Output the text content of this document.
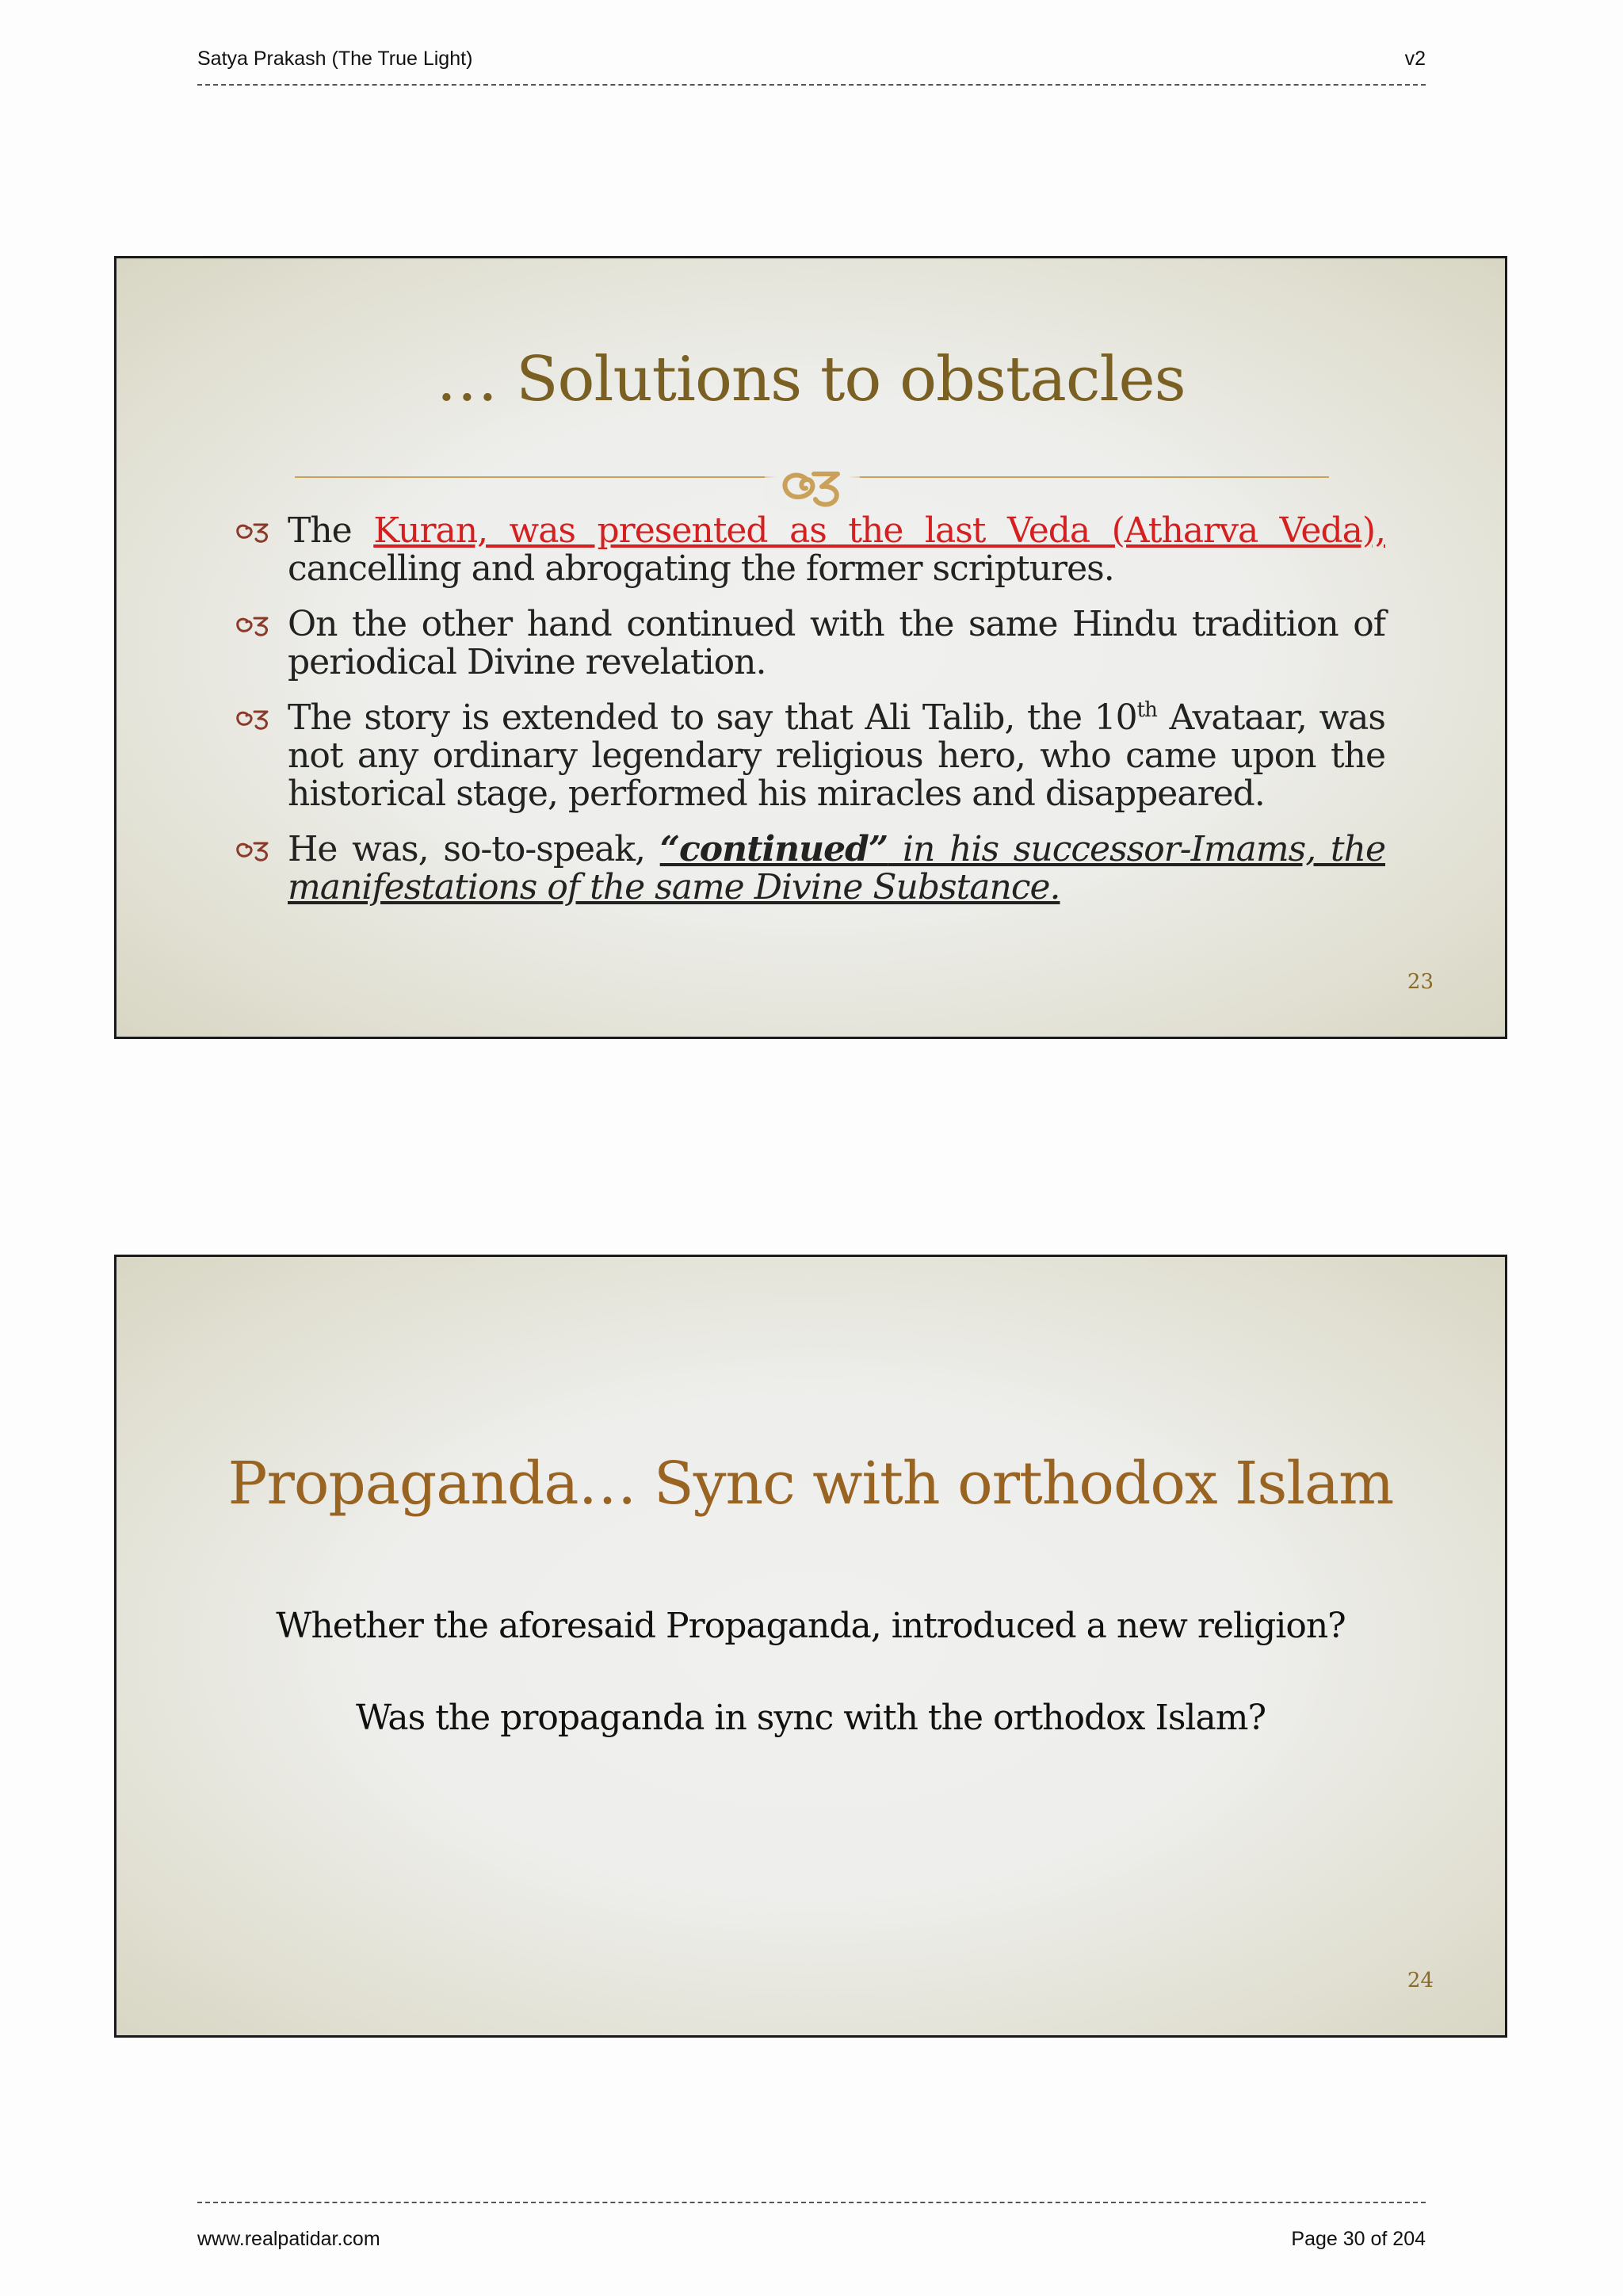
Satya Prakash (The True Light)	v2
… Solutions to obstacles
The Kuran, was presented as the last Veda (Atharva Veda), cancelling and abrogating the former scriptures.
On the other hand continued with the same Hindu tradition of periodical Divine revelation.
The story is extended to say that Ali Talib, the 10th Avataar, was not any ordinary legendary religious hero, who came upon the historical stage, performed his miracles and disappeared.
He was, so-to-speak, “continued” in his successor-Imams, the manifestations of the same Divine Substance.
23
Propaganda… Sync with orthodox Islam
Whether the aforesaid Propaganda, introduced a new religion?
Was the propaganda in sync with the orthodox Islam?
24
www.realpatidar.com	Page 30 of 204
